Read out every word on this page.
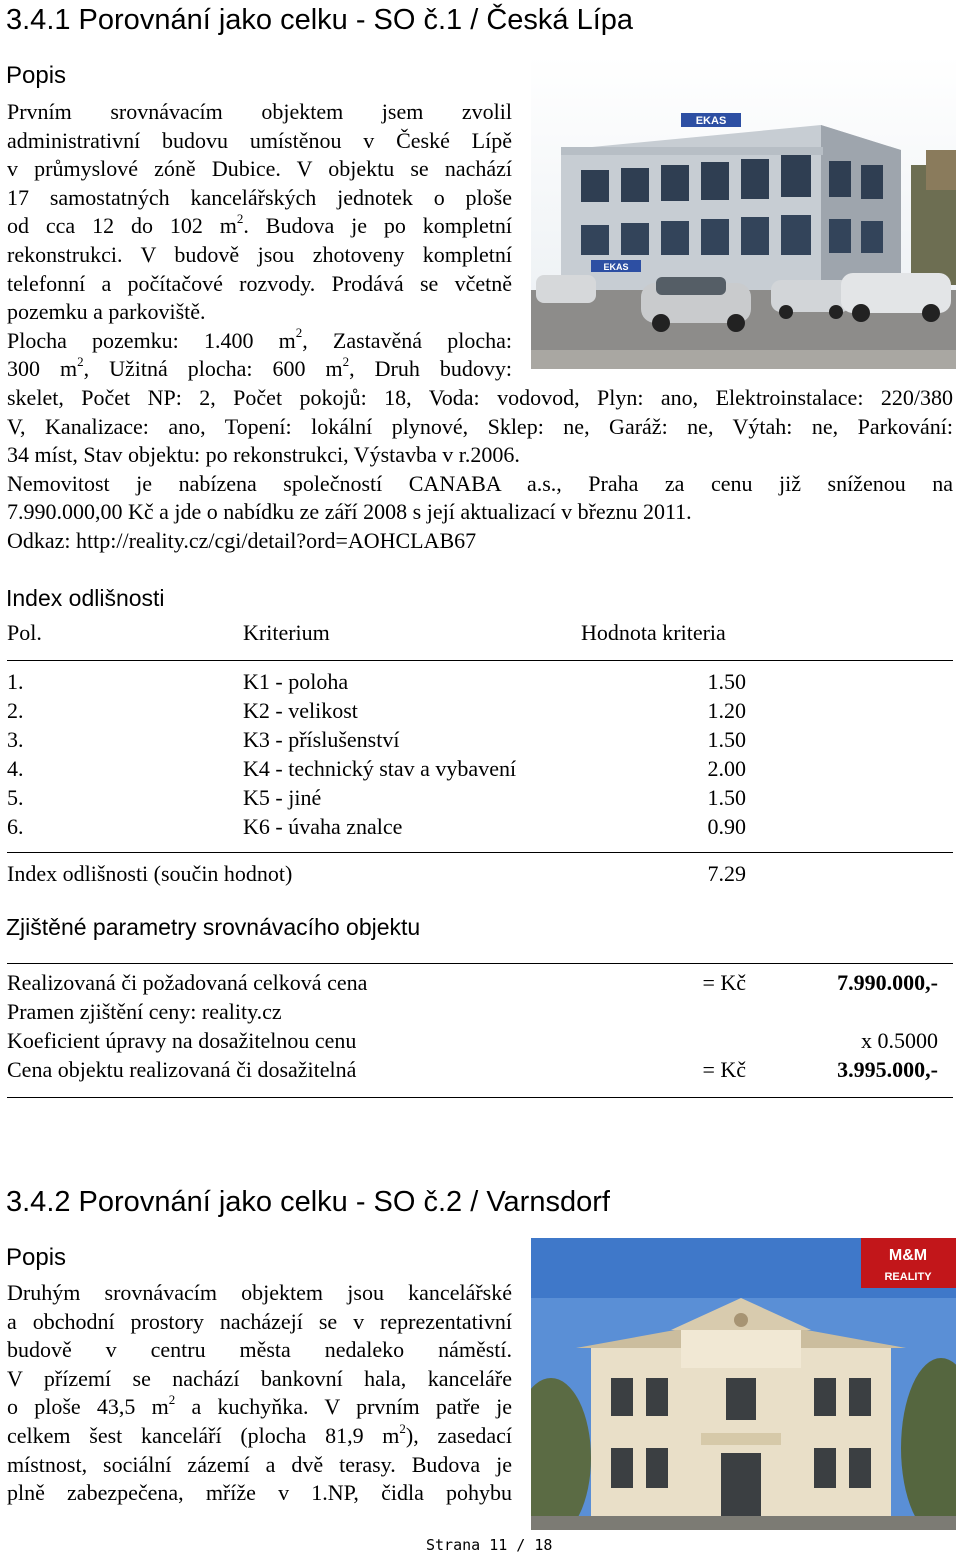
3.4.1 Porovnání jako celku - SO č.1 / Česká Lípa
Popis
Prvním srovnávacím objektem jsem zvolil
administrativní budovu umístěnou v České Lípě
v průmyslové zóně Dubice. V objektu se nachází
17 samostatných kancelářských jednotek o ploše
od cca 12 do 102 $m^2$. Budova je po kompletní
rekonstrukci. V budově jsou zhotoveny kompletní
telefonní a počítačové rozvody. Prodává se včetně
pozemku a parkoviště.
Plocha pozemku: 1.400 $m^2$, Zastavěná plocha:
300 $m^2$, Užitná plocha: 600 $m^2$, Druh budovy:
EKAS
EKAS
skelet, Počet NP: 2, Počet pokojů: 18, Voda: vodovod, Plyn: ano, Elektroinstalace: 220/380
V, Kanalizace: ano, Topení: lokální plynové, Sklep: ne, Garáž: ne, Výtah: ne, Parkování:
34 míst, Stav objektu: po rekonstrukci, Výstavba v r.2006.
Nemovitost je nabízena společností CANABA a.s., Praha za cenu již sníženou na
7.990.000,00 Kč a jde o nabídku ze září 2008 s její aktualizací v březnu 2011.
Odkaz: http://reality.cz/cgi/detail?ord=AOHCLAB67
Index odlišnosti
Pol.	Kriterium	Hodnota kriteria
1.	K1 - poloha	1.50
2.	K2 - velikost	1.20
3.	K3 - příslušenství	1.50
4.	K4 - technický stav a vybavení	2.00
5.	K5 - jiné	1.50
6.	K6 - úvaha znalce	0.90
Index odlišnosti (součin hodnot)	7.29
Zjištěné parametry srovnávacího objektu
Realizovaná či požadovaná celková cena	= Kč	7.990.000,-
Pramen zjištění ceny: reality.cz
Koeficient úpravy na dosažitelnou cenu	x 0.5000
Cena objektu realizovaná či dosažitelná	= Kč	3.995.000,-
3.4.2 Porovnání jako celku - SO č.2 / Varnsdorf
Popis
Druhým srovnávacím objektem jsou kancelářské
a obchodní prostory nacházejí se v reprezentativní
budově v centru města nedaleko náměstí.
V přízemí se nachází bankovní hala, kanceláře
o ploše 43,5 $m^2$ a kuchyňka. V prvním patře je
celkem šest kanceláří (plocha 81,9 $m^2$), zasedací
místnost, sociální zázemí a dvě terasy. Budova je
plně zabezpečena, mříže v 1.NP, čidla pohybu
M&M
REALITY
Strana 11 / 18
